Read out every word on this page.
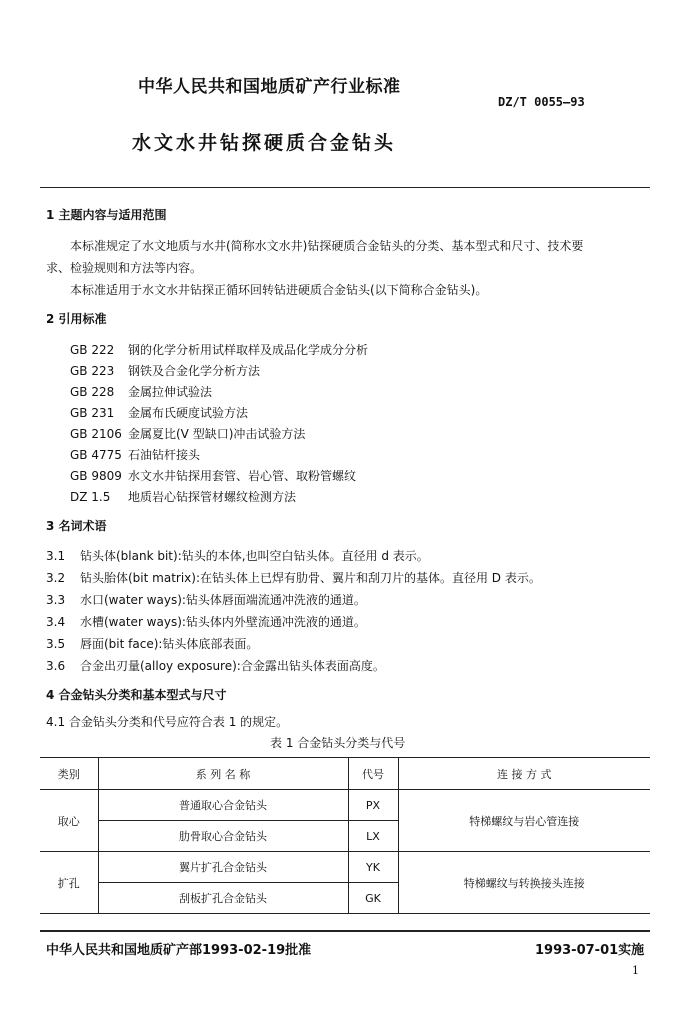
中华人民共和国地质矿产行业标准
DZ/T 0055—93
水文水井钻探硬质合金钻头
1 主题内容与适用范围
本标准规定了水文地质与水井(简称水文水井)钻探硬质合金钻头的分类、基本型式和尺寸、技术要
求、检验规则和方法等内容。
本标准适用于水文水井钻探正循环回转钻进硬质合金钻头(以下简称合金钻头)。
2 引用标准
GB 222 钢的化学分析用试样取样及成品化学成分分析
GB 223 钢铁及合金化学分析方法
GB 228 金属拉伸试验法
GB 231 金属布氏硬度试验方法
GB 2106 金属夏比(V 型缺口)冲击试验方法
GB 4775 石油钻杆接头
GB 9809 水文水井钻探用套管、岩心管、取粉管螺纹
DZ 1.5 地质岩心钻探管材螺纹检测方法
3 名词术语
3.1 钻头体(blank bit):钻头的本体,也叫空白钻头体。直径用 d 表示。
3.2 钻头胎体(bit matrix):在钻头体上已焊有肋骨、翼片和刮刀片的基体。直径用 D 表示。
3.3 水口(water ways):钻头体唇面端流通冲洗液的通道。
3.4 水槽(water ways):钻头体内外壁流通冲洗液的通道。
3.5 唇面(bit face):钻头体底部表面。
3.6 合金出刃量(alloy exposure):合金露出钻头体表面高度。
4 合金钻头分类和基本型式与尺寸
4.1 合金钻头分类和代号应符合表 1 的规定。
表 1 合金钻头分类与代号
类别	系 列 名 称	代号	连 接 方 式
取心	普通取心合金钻头	PX	特梯螺纹与岩心管连接
	肋骨取心合金钻头	LX	
扩孔	翼片扩孔合金钻头	YK	特梯螺纹与转换接头连接
	刮板扩孔合金钻头	GK	
中华人民共和国地质矿产部1993-02-19批准	1993-07-01实施
1
